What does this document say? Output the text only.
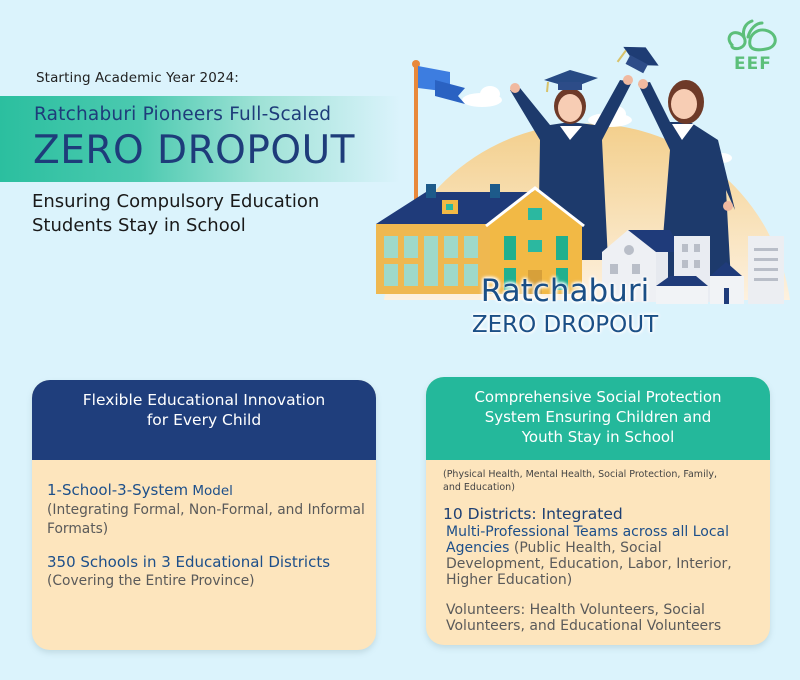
Starting Academic Year 2024:
Ratchaburi Pioneers Full-Scaled
ZERO DROPOUT
Ensuring Compulsory Education
Students Stay in School
EEF
Ratchaburi
ZERO DROPOUT
Flexible Educational Innovation
for Every Child
1-School-3-System Model
(Integrating Formal, Non-Formal, and Informal
Formats)
350 Schools in 3 Educational Districts
(Covering the Entire Province)
Comprehensive Social Protection
System Ensuring Children and
Youth Stay in School
(Physical Health, Mental Health, Social Protection, Family,
and Education)
10 Districts: Integrated
Multi-Professional Teams across all Local
Agencies (Public Health, Social
Development, Education, Labor, Interior,
Higher Education)
Volunteers: Health Volunteers, Social
Volunteers, and Educational Volunteers
